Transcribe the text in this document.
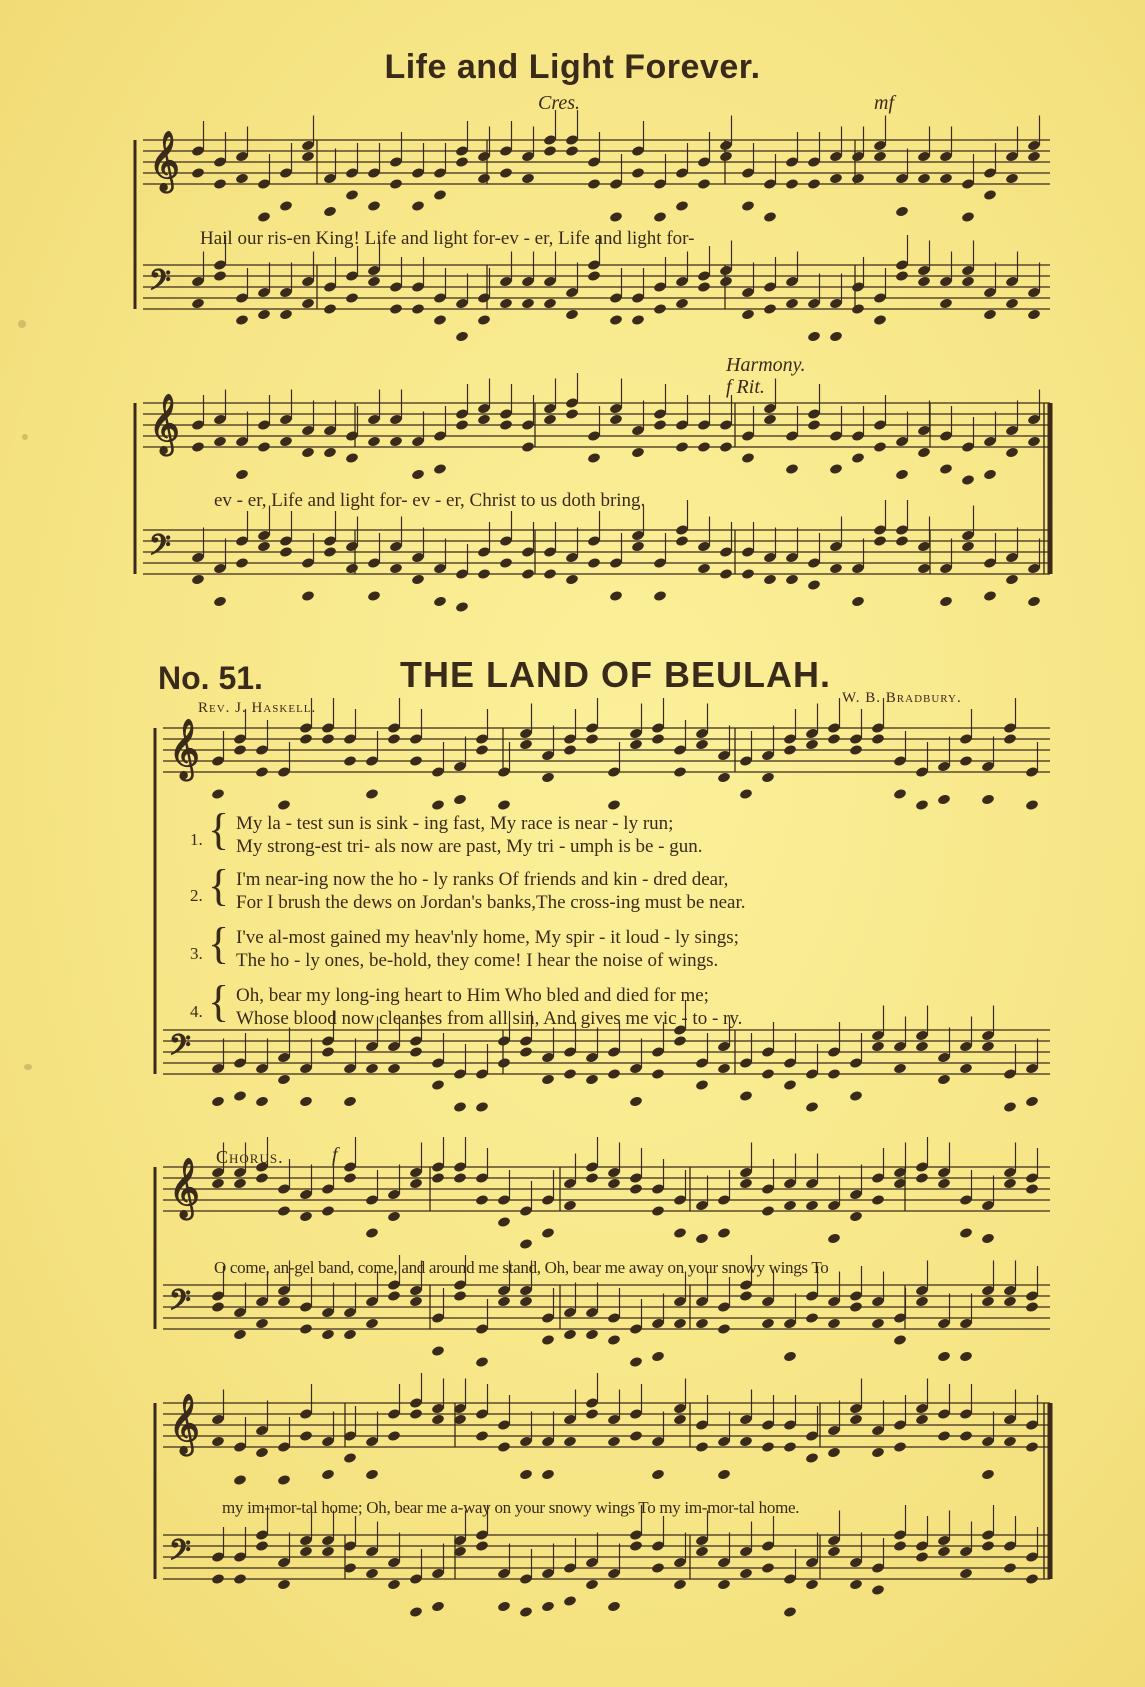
𝄞
𝄢
𝄞
𝄢
𝄞
𝄢
𝄞
𝄢
𝄞
𝄢
Life and Light Forever.
Cres.	mf
Hail our ris-en King! Life and light for-ev - er, Life and light for-
Harmony.
f Rit.
ev - er, Life and light for- ev - er, Christ to us doth bring.
No. 51.	THE LAND OF BEULAH.
Rev. J. Haskell.
W. B. Bradbury.
1. { My la - test sun is sink - ing fast, My race is near - ly run;
My strong-est tri- als now are past, My tri - umph is be - gun.
2. { I'm near-ing now the ho - ly ranks Of friends and kin - dred dear,
For I brush the dews on Jordan's banks,The cross-ing must be near.
3. { I've al-most gained my heav'nly home, My spir - it loud - ly sings;
The ho - ly ones, be-hold, they come! I hear the noise of wings.
4. { Oh, bear my long-ing heart to Him Who bled and died for me;
Whose blood now cleanses from all sin, And gives me vic - to - ry.
Chorus. f
O come, an-gel band, come, and around me stand, Oh, bear me away on your snowy wings To
my im-mor-tal home; Oh, bear me a-way on your snowy wings To my im-mor-tal home.
